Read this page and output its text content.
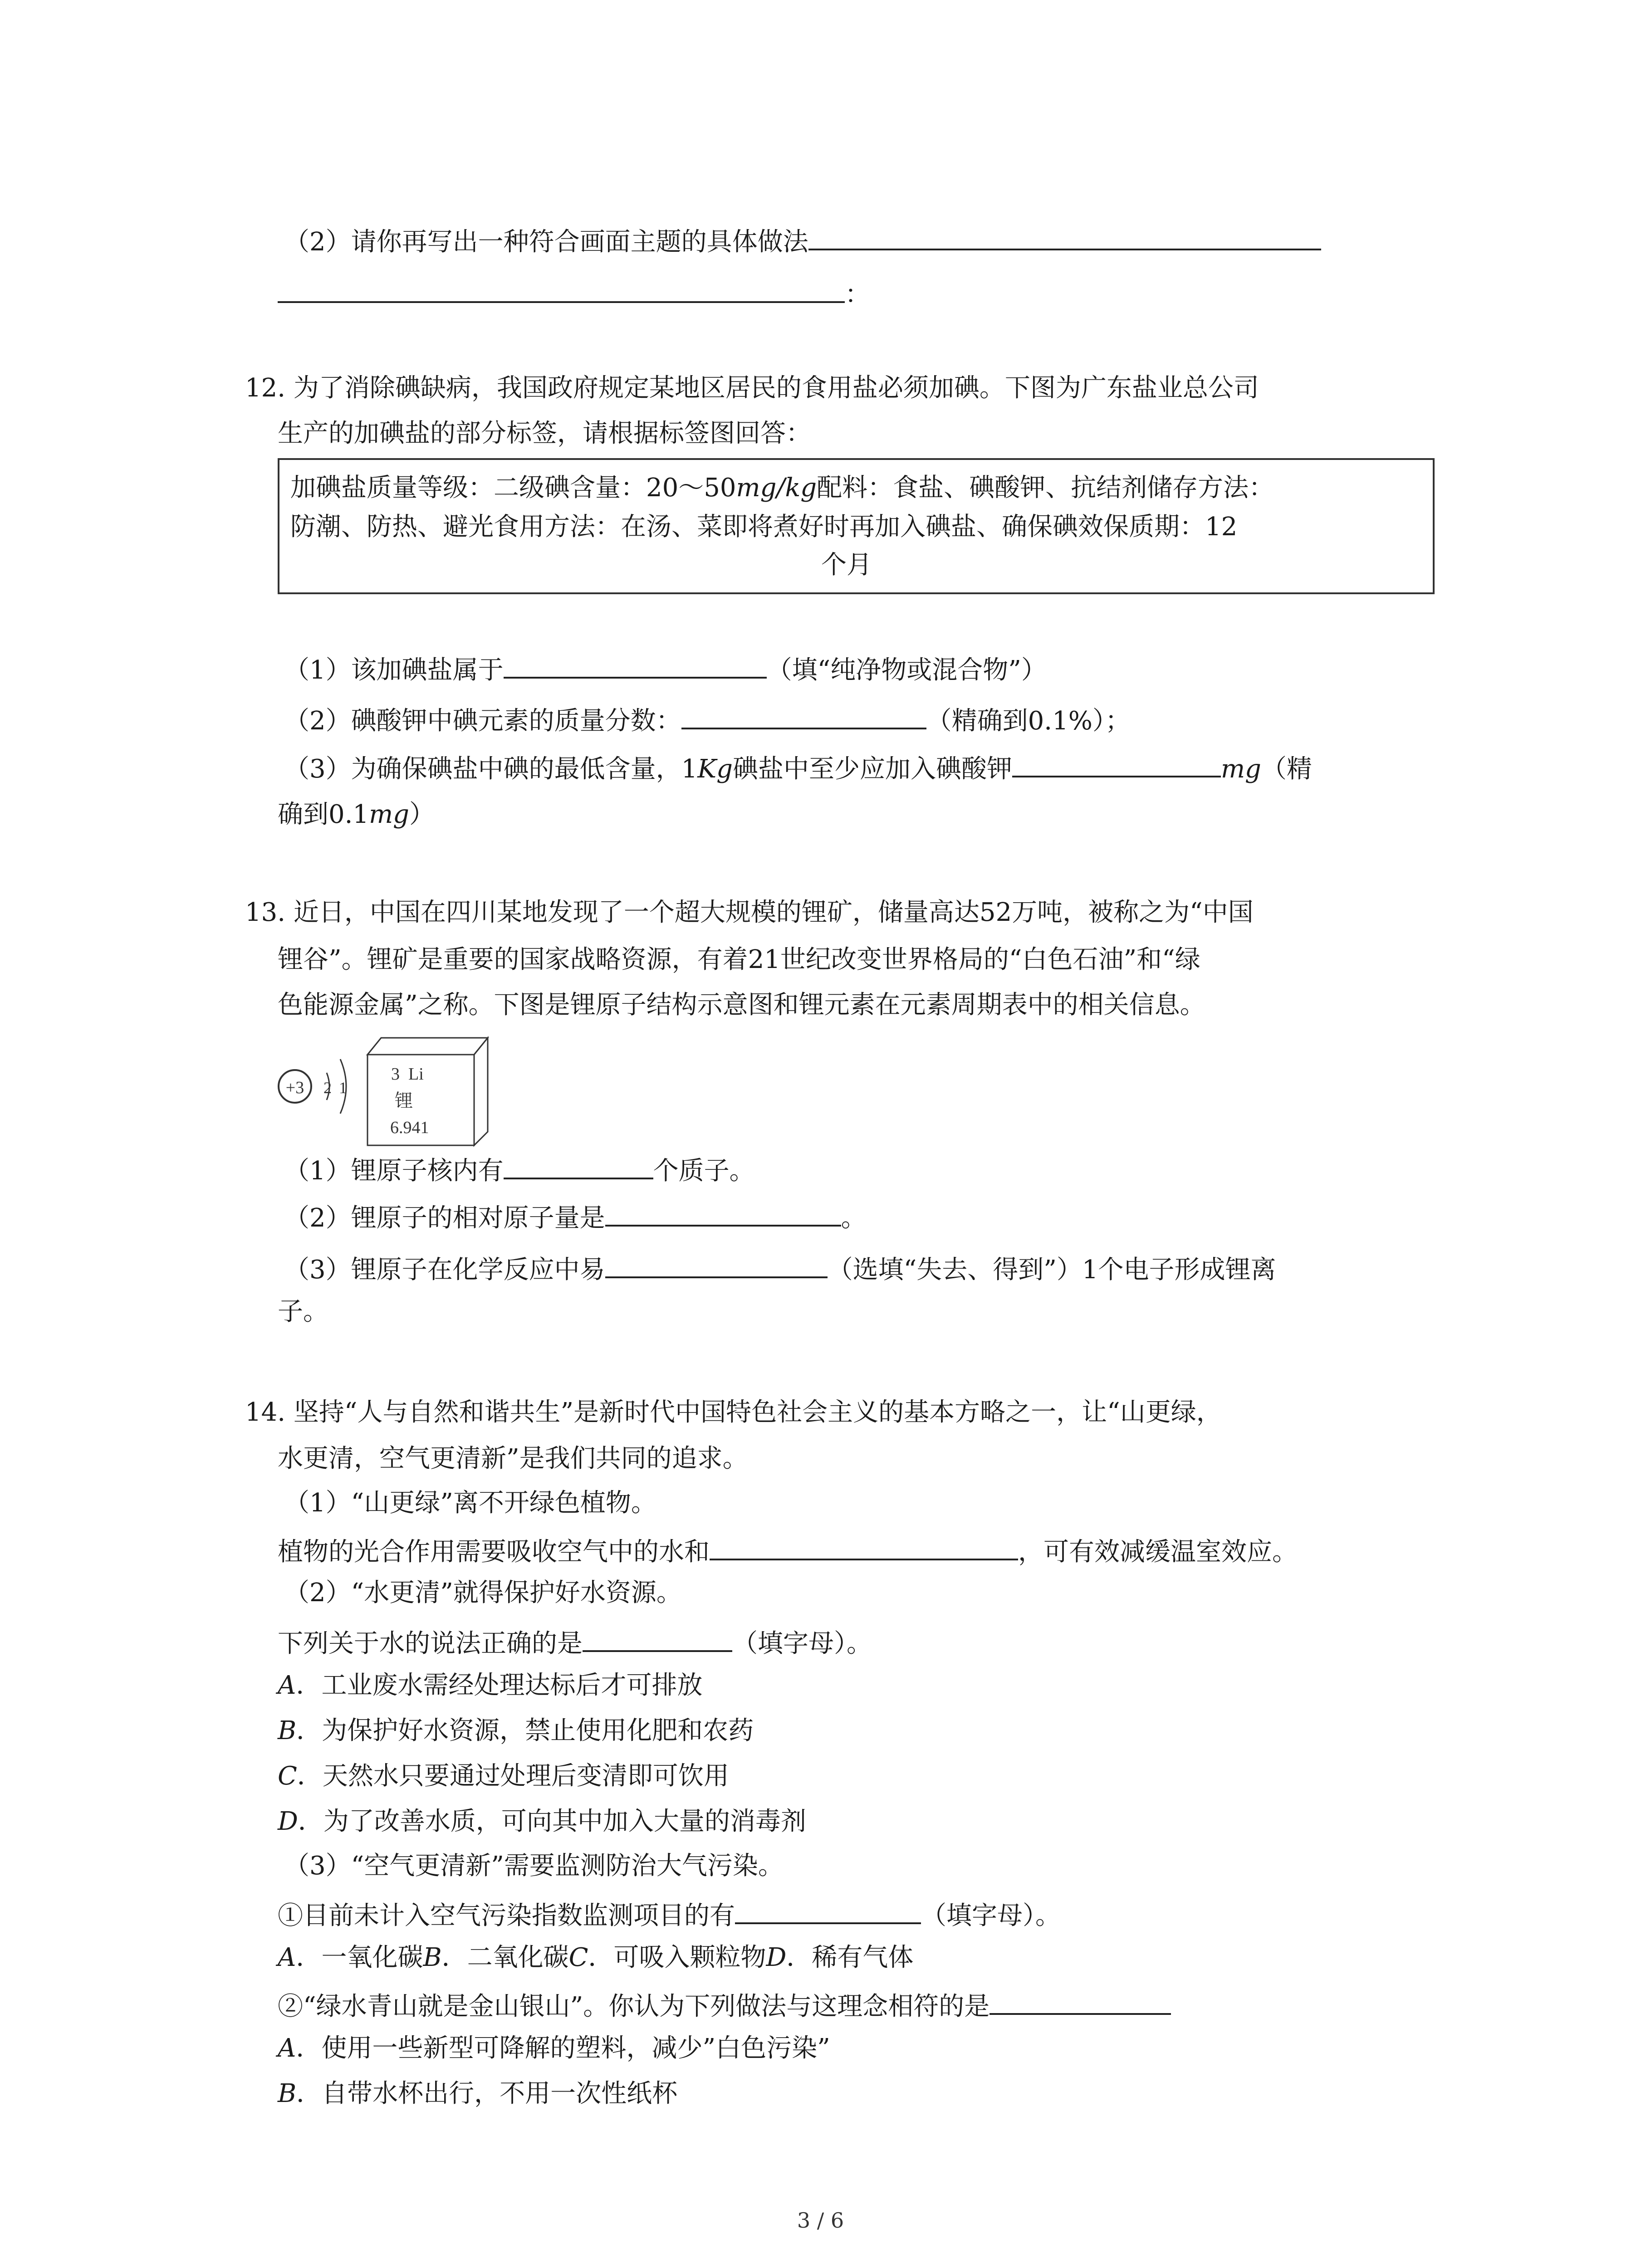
（2）请你再写出一种符合画面主题的具体做法
：
12. 为了消除碘缺病，我国政府规定某地区居民的食用盐必须加碘。下图为广东盐业总公司
生产的加碘盐的部分标签，请根据标签图回答：
加碘盐质量等级：二级碘含量：20～50mg/kg配料：食盐、碘酸钾、抗结剂储存方法：
防潮、防热、避光食用方法：在汤、菜即将煮好时再加入碘盐、确保碘效保质期：12
个月
（1）该加碘盐属于	（填“纯净物或混合物”）
（2）碘酸钾中碘元素的质量分数：	（精确到0.1%）；
（3）为确保碘盐中碘的最低含量，1Kg碘盐中至少应加入碘酸钾	mg（精
确到0.1mg）
13. 近日，中国在四川某地发现了一个超大规模的锂矿，储量高达52万吨，被称之为“中国
锂谷”。锂矿是重要的国家战略资源，有着21世纪改变世界格局的“白色石油”和“绿
色能源金属”之称。下图是锂原子结构示意图和锂元素在元素周期表中的相关信息。
+3 2 1
3 Li
锂
6.941
（1）锂原子核内有	个质子。
（2）锂原子的相对原子量是	。
（3）锂原子在化学反应中易	（选填“失去、得到”）1个电子形成锂离
子。
14. 坚持“人与自然和谐共生”是新时代中国特色社会主义的基本方略之一，让“山更绿，
水更清，空气更清新”是我们共同的追求。
（1）“山更绿”离不开绿色植物。
植物的光合作用需要吸收空气中的水和	，可有效减缓温室效应。
（2）“水更清”就得保护好水资源。
下列关于水的说法正确的是	（填字母）。
A．工业废水需经处理达标后才可排放
B．为保护好水资源，禁止使用化肥和农药
C．天然水只要通过处理后变清即可饮用
D．为了改善水质，可向其中加入大量的消毒剂
（3）“空气更清新”需要监测防治大气污染。
①目前未计入空气污染指数监测项目的有	（填字母）。
A．一氧化碳B．二氧化碳C．可吸入颗粒物D．稀有气体
②“绿水青山就是金山银山”。你认为下列做法与这理念相符的是
A．使用一些新型可降解的塑料，减少”白色污染”
B．自带水杯出行，不用一次性纸杯
3 / 6
